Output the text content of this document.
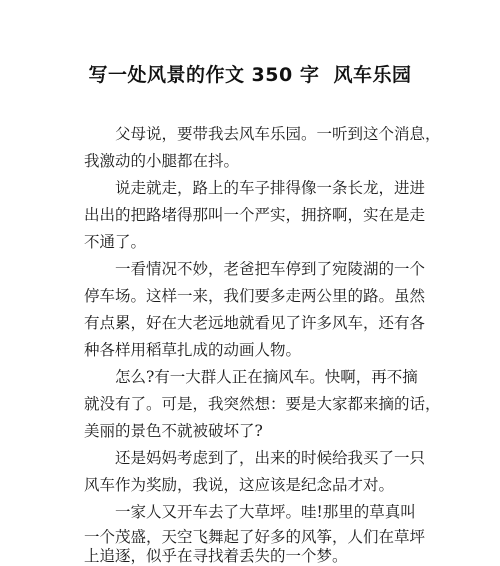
写一处风景的作文 350 字  风车乐园
　　父母说，要带我去风车乐园。一听到这个消息，
我激动的小腿都在抖。
　　说走就走，路上的车子排得像一条长龙，进进
出出的把路堵得那叫一个严实，拥挤啊，实在是走
不通了。
　　一看情况不妙，老爸把车停到了宛陵湖的一个
停车场。这样一来，我们要多走两公里的路。虽然
有点累，好在大老远地就看见了许多风车，还有各
种各样用稻草扎成的动画人物。
　　怎么?有一大群人正在摘风车。快啊，再不摘
就没有了。可是，我突然想：要是大家都来摘的话，
美丽的景色不就被破坏了?
　　还是妈妈考虑到了，出来的时候给我买了一只
风车作为奖励，我说，这应该是纪念品才对。
　　一家人又开车去了大草坪。哇!那里的草真叫
一个茂盛，天空飞舞起了好多的风筝，人们在草坪
上追逐，似乎在寻找着丢失的一个梦。
